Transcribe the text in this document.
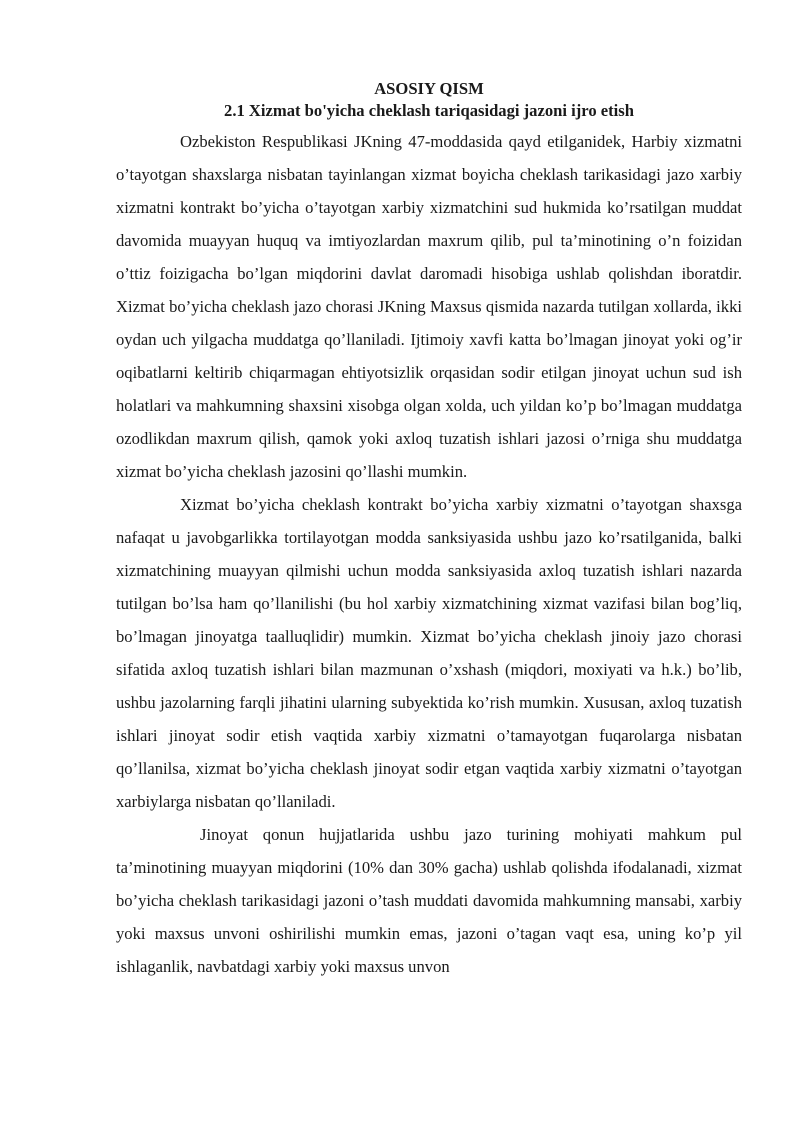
ASOSIY QISM

2.1 Xizmat bo'yicha cheklash tariqasidagi jazoni ijro etish

Ozbekiston Respublikasi JKning 47-moddasida qayd etilganidek, Harbiy xizmatni o’tayotgan shaxslarga nisbatan tayinlangan xizmat boyicha cheklash tarikasidagi jazo xarbiy xizmatni kontrakt bo’yicha o’tayotgan xarbiy xizmatchini sud hukmida ko’rsatilgan muddat davomida muayyan huquq va imtiyozlardan maxrum qilib, pul ta’minotining o’n foizidan o’ttiz foizigacha bo’lgan miqdorini davlat daromadi hisobiga ushlab qolishdan iboratdir. Xizmat bo’yicha cheklash jazo chorasi JKning Maxsus qismida nazarda tutilgan xollarda, ikki oydan uch yilgacha muddatga qo’llaniladi. Ijtimoiy xavfi katta bo’lmagan jinoyat yoki og’ir oqibatlarni keltirib chiqarmagan ehtiyotsizlik orqasidan sodir etilgan jinoyat uchun sud ish holatlari va mahkumning shaxsini xisobga olgan xolda, uch yildan ko’p bo’lmagan muddatga ozodlikdan maxrum qilish, qamok yoki axloq tuzatish ishlari jazosi o’rniga shu muddatga xizmat bo’yicha cheklash jazosini qo’llashi mumkin.

Xizmat bo’yicha cheklash kontrakt bo’yicha xarbiy xizmatni o’tayotgan shaxsga nafaqat u javobgarlikka tortilayotgan modda sanksiyasida ushbu jazo ko’rsatilganida, balki xizmatchining muayyan qilmishi uchun modda sanksiyasida axloq tuzatish ishlari nazarda tutilgan bo’lsa ham qo’llanilishi (bu hol xarbiy xizmatchining xizmat vazifasi bilan bog’liq, bo’lmagan jinoyatga taalluqlidir) mumkin. Xizmat bo’yicha cheklash jinoiy jazo chorasi sifatida axloq tuzatish ishlari bilan mazmunan o’xshash (miqdori, moxiyati va h.k.) bo’lib, ushbu jazolarning farqli jihatini ularning subyektida ko’rish mumkin. Xususan, axloq tuzatish ishlari jinoyat sodir etish vaqtida xarbiy xizmatni o’tamayotgan fuqarolarga nisbatan qo’llanilsa, xizmat bo’yicha cheklash jinoyat sodir etgan vaqtida xarbiy xizmatni o’tayotgan xarbiylarga nisbatan qo’llaniladi.

Jinoyat qonun hujjatlarida ushbu jazo turining mohiyati mahkum pul ta’minotining muayyan miqdorini (10% dan 30% gacha) ushlab qolishda ifodalanadi, xizmat bo’yicha cheklash tarikasidagi jazoni o’tash muddati davomida mahkumning mansabi, xarbiy yoki maxsus unvoni oshirilishi mumkin emas, jazoni o’tagan vaqt esa, uning ko’p yil ishlaganlik, navbatdagi xarbiy yoki maxsus unvon
